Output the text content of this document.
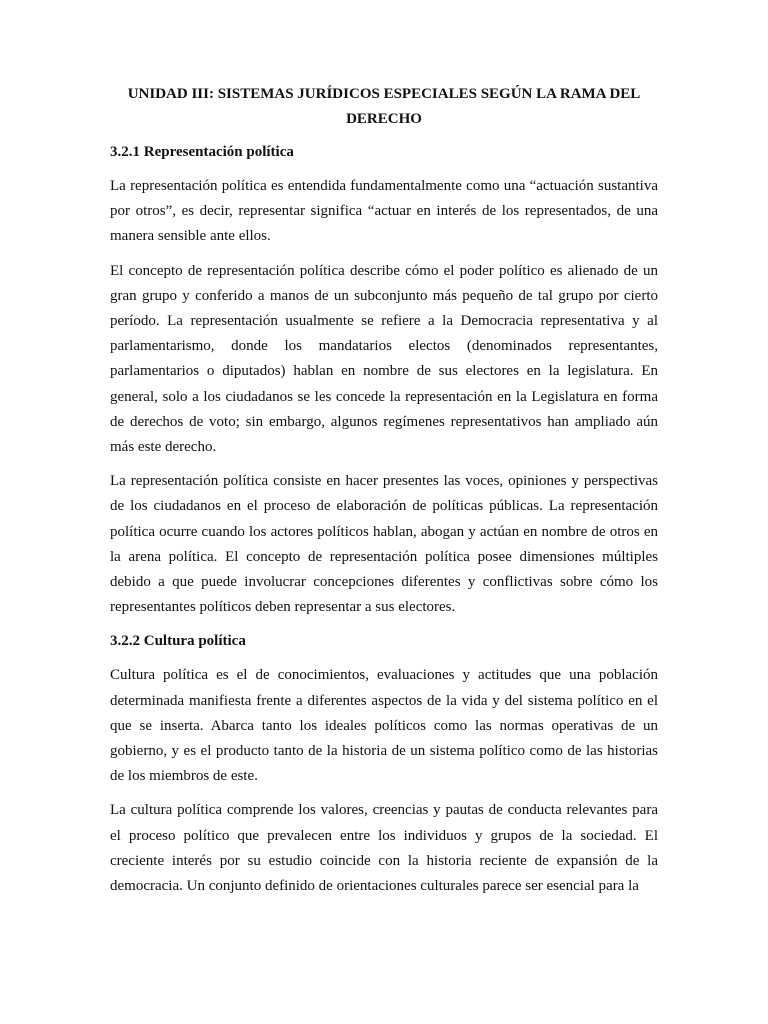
UNIDAD III: SISTEMAS JURÍDICOS ESPECIALES SEGÚN LA RAMA DEL DERECHO
3.2.1 Representación política

La representación política es entendida fundamentalmente como una “actuación sustantiva por otros”, es decir, representar significa “actuar en interés de los representados, de una manera sensible ante ellos.

El concepto de representación política describe cómo el poder político es alienado de un gran grupo y conferido a manos de un subconjunto más pequeño de tal grupo por cierto período. La representación usualmente se refiere a la Democracia representativa y al parlamentarismo, donde los mandatarios electos (denominados representantes, parlamentarios o diputados) hablan en nombre de sus electores en la legislatura. En general, solo a los ciudadanos se les concede la representación en la Legislatura en forma de derechos de voto; sin embargo, algunos regímenes representativos han ampliado aún más este derecho.

La representación política consiste en hacer presentes las voces, opiniones y perspectivas de los ciudadanos en el proceso de elaboración de políticas públicas. La representación política ocurre cuando los actores políticos hablan, abogan y actúan en nombre de otros en la arena política. El concepto de representación política posee dimensiones múltiples debido a que puede involucrar concepciones diferentes y conflictivas sobre cómo los representantes políticos deben representar a sus electores.

3.2.2 Cultura política

Cultura política es el de conocimientos, evaluaciones y actitudes que una población determinada manifiesta frente a diferentes aspectos de la vida y del sistema político en el que se inserta. Abarca tanto los ideales políticos como las normas operativas de un gobierno, y es el producto tanto de la historia de un sistema político como de las historias de los miembros de este.

La cultura política comprende los valores, creencias y pautas de conducta relevantes para el proceso político que prevalecen entre los individuos y grupos de la sociedad. El creciente interés por su estudio coincide con la historia reciente de expansión de la democracia. Un conjunto definido de orientaciones culturales parece ser esencial para la
